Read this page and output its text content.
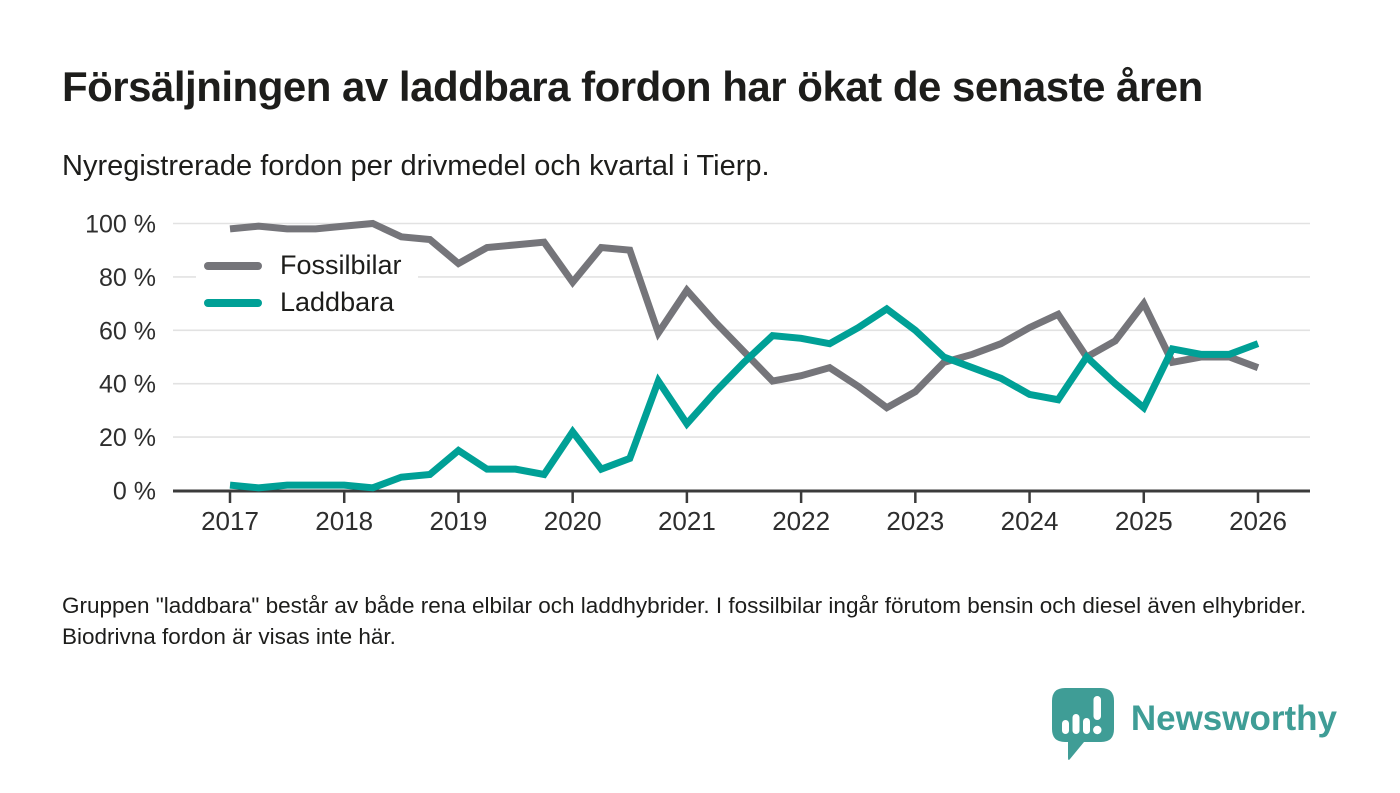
Försäljningen av laddbara fordon har ökat de senaste åren

Nyregistrerade fordon per drivmedel och kvartal i Tierp.

0 %
20 %
40 %
60 %
80 %
100 %
2017 2018 2019 2020 2021 2022 2023 2024 2025 2026
Fossilbilar
Laddbara

Gruppen "laddbara" består av både rena elbilar och laddhybrider. I fossilbilar ingår förutom bensin och diesel även elhybrider. Biodrivna fordon är visas inte här.

Newsworthy
